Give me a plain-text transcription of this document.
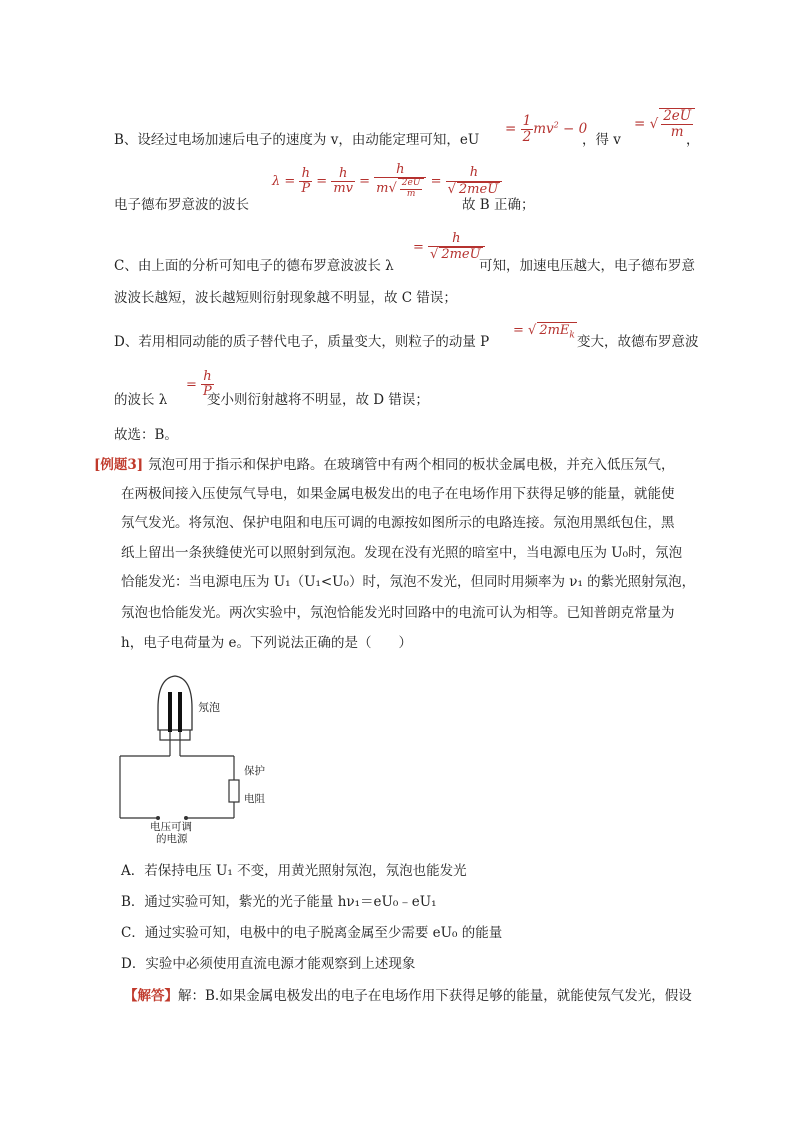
B、设经过电场加速后电子的速度为 v，由动能定理可知，eU
= $\frac{1}{2} mv^2 - 0$
，得 v
= √ $\frac{2eU}{m}$
，
电子德布罗意波的波长
$\lambda = \frac{h}{P} = \frac{h}{mv} = \frac{h}{m√ \frac{2eU}{m}} = \frac{h}{\text{√ 2meU}}$
故 B 正确；
C、由上面的分析可知电子的德布罗意波波长 λ
= $\frac{h}{\text{√ 2meU}}$
可知，加速电压越大，电子德布罗意
波波长越短，波长越短则衍射现象越不明显，故 C 错误；
D、若用相同动能的质子替代电子，质量变大，则粒子的动量 P
= √ $2mE_k$ 变大，故德布罗意波
的波长 λ
= $\frac{h}{P}$
变小则衍射越将不明显，故 D 错误；
故选：B。
[例题3] 氖泡可用于指示和保护电路。在玻璃管中有两个相同的板状金属电极，并充入低压氖气，
在两极间接入压使氖气导电，如果金属电极发出的电子在电场作用下获得足够的能量，就能使
氖气发光。将氖泡、保护电阻和电压可调的电源按如图所示的电路连接。氖泡用黑纸包住，黑
纸上留出一条狭缝使光可以照射到氖泡。发现在没有光照的暗室中，当电源电压为 U₀时，氖泡
恰能发光：当电源电压为 U₁（U₁<U₀）时，氖泡不发光，但同时用频率为 ν₁ 的紫光照射氖泡，
氖泡也恰能发光。两次实验中，氖泡恰能发光时回路中的电流可认为相等。已知普朗克常量为
h，电子电荷量为 e。下列说法正确的是（　　）
氖泡
保护
电阻
电压可调
的电源
A．若保持电压 U₁ 不变，用黄光照射氖泡，氖泡也能发光
B．通过实验可知，紫光的光子能量 hν₁＝eU₀﹣eU₁
C．通过实验可知，电极中的电子脱离金属至少需要 eU₀ 的能量
D．实验中必须使用直流电源才能观察到上述现象
【解答】解：B.如果金属电极发出的电子在电场作用下获得足够的能量，就能使氖气发光，假设
